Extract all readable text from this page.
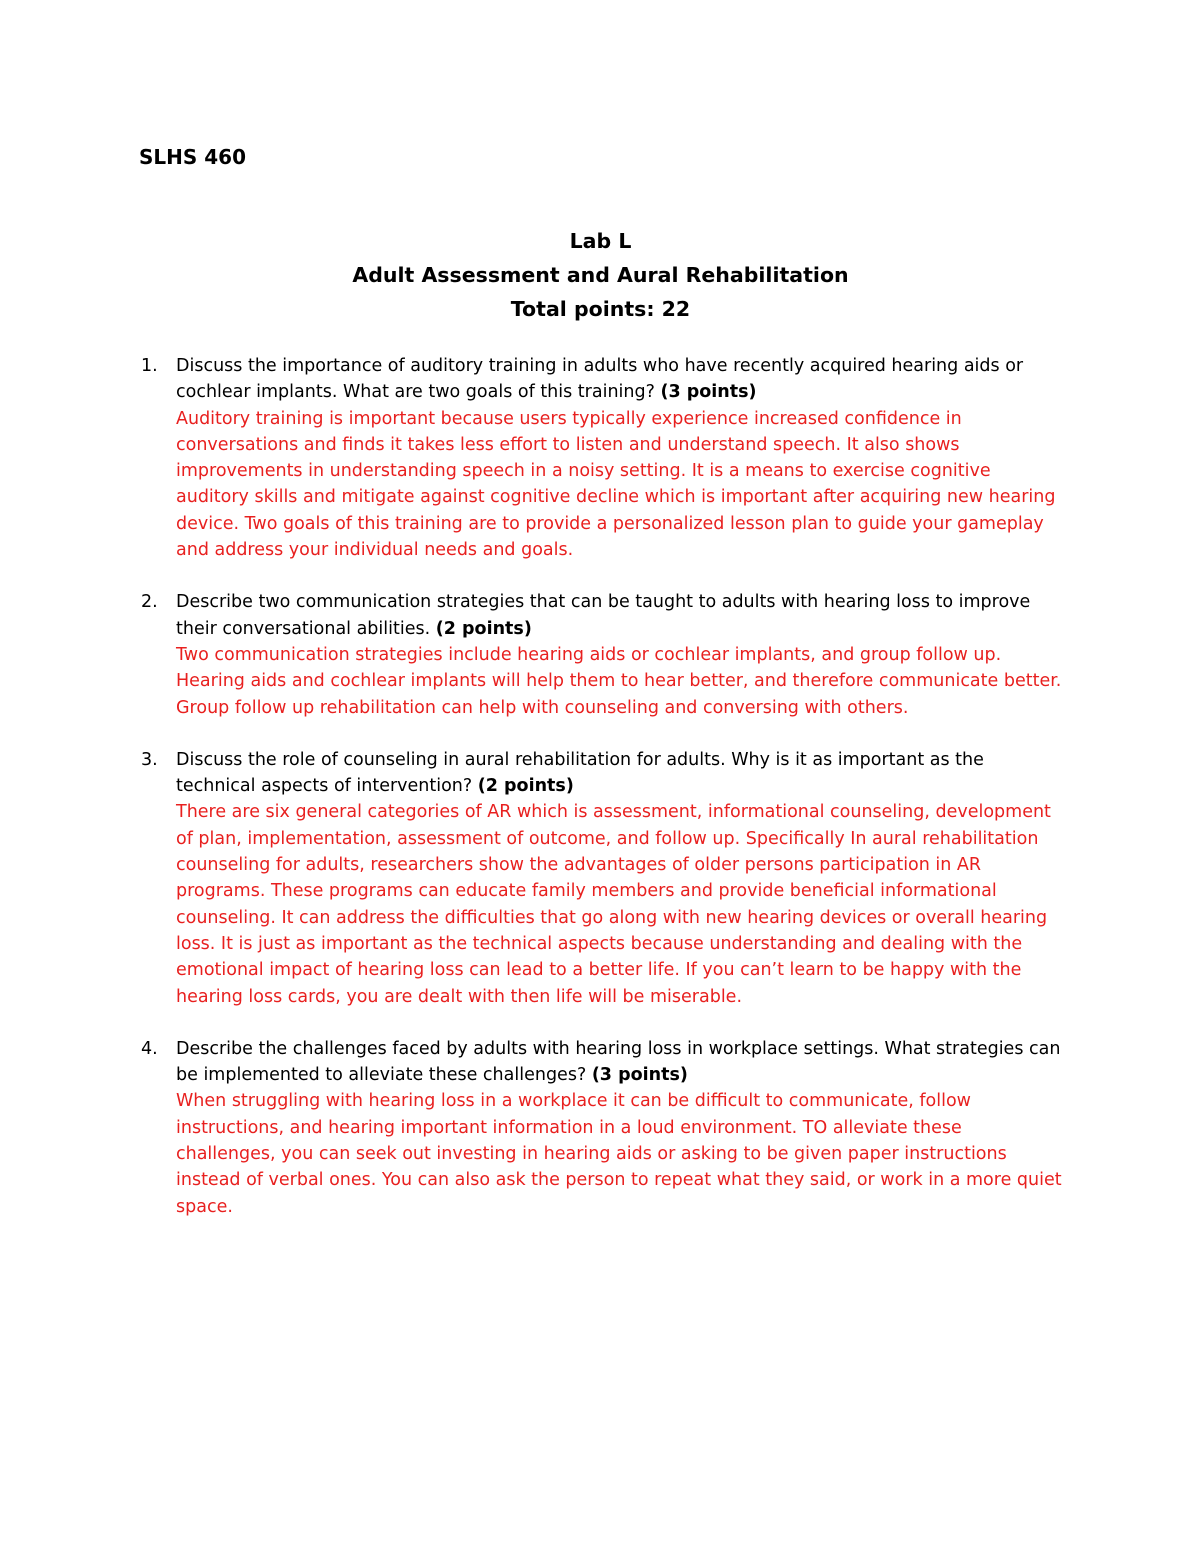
SLHS 460

Lab L

Adult Assessment and Aural Rehabilitation

Total points: 22

1. Discuss the importance of auditory training in adults who have recently acquired hearing aids or cochlear implants. What are two goals of this training? (3 points)
Auditory training is important because users typically experience increased confidence in conversations and finds it takes less effort to listen and understand speech. It also shows improvements in understanding speech in a noisy setting. It is a means to exercise cognitive auditory skills and mitigate against cognitive decline which is important after acquiring new hearing device. Two goals of this training are to provide a personalized lesson plan to guide your gameplay and address your individual needs and goals.
2. Describe two communication strategies that can be taught to adults with hearing loss to improve their conversational abilities. (2 points)
Two communication strategies include hearing aids or cochlear implants, and group follow up. Hearing aids and cochlear implants will help them to hear better, and therefore communicate better. Group follow up rehabilitation can help with counseling and conversing with others.
3. Discuss the role of counseling in aural rehabilitation for adults. Why is it as important as the technical aspects of intervention? (2 points)
There are six general categories of AR which is assessment, informational counseling, development of plan, implementation, assessment of outcome, and follow up. Specifically In aural rehabilitation counseling for adults, researchers show the advantages of older persons participation in AR programs. These programs can educate family members and provide beneficial informational counseling. It can address the difficulties that go along with new hearing devices or overall hearing loss. It is just as important as the technical aspects because understanding and dealing with the emotional impact of hearing loss can lead to a better life. If you can’t learn to be happy with the hearing loss cards, you are dealt with then life will be miserable.
4. Describe the challenges faced by adults with hearing loss in workplace settings. What strategies can be implemented to alleviate these challenges? (3 points)
When struggling with hearing loss in a workplace it can be difficult to communicate, follow instructions, and hearing important information in a loud environment. TO alleviate these challenges, you can seek out investing in hearing aids or asking to be given paper instructions instead of verbal ones. You can also ask the person to repeat what they said, or work in a more quiet space.
